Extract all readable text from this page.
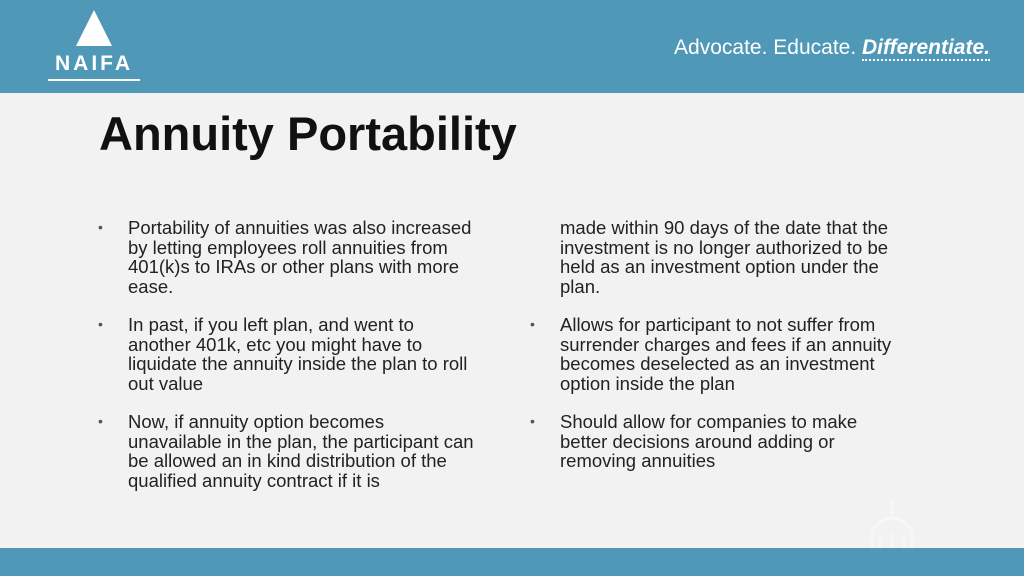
NAIFA
Advocate. Educate. Differentiate.
Annuity Portability
• Portability of annuities was also increased by letting employees roll annuities from 401(k)s to IRAs or other plans with more ease.
• In past, if you left plan, and went to another 401k, etc you might have to liquidate the annuity inside the plan to roll out value
• Now, if annuity option becomes unavailable in the plan, the participant can be allowed an in kind distribution of the qualified annuity contract if it is
made within 90 days of the date that the investment is no longer authorized to be held as an investment option under the plan.
• Allows for participant to not suffer from surrender charges and fees if an annuity becomes deselected as an investment option inside the plan
• Should allow for companies to make better decisions around adding or removing annuities
